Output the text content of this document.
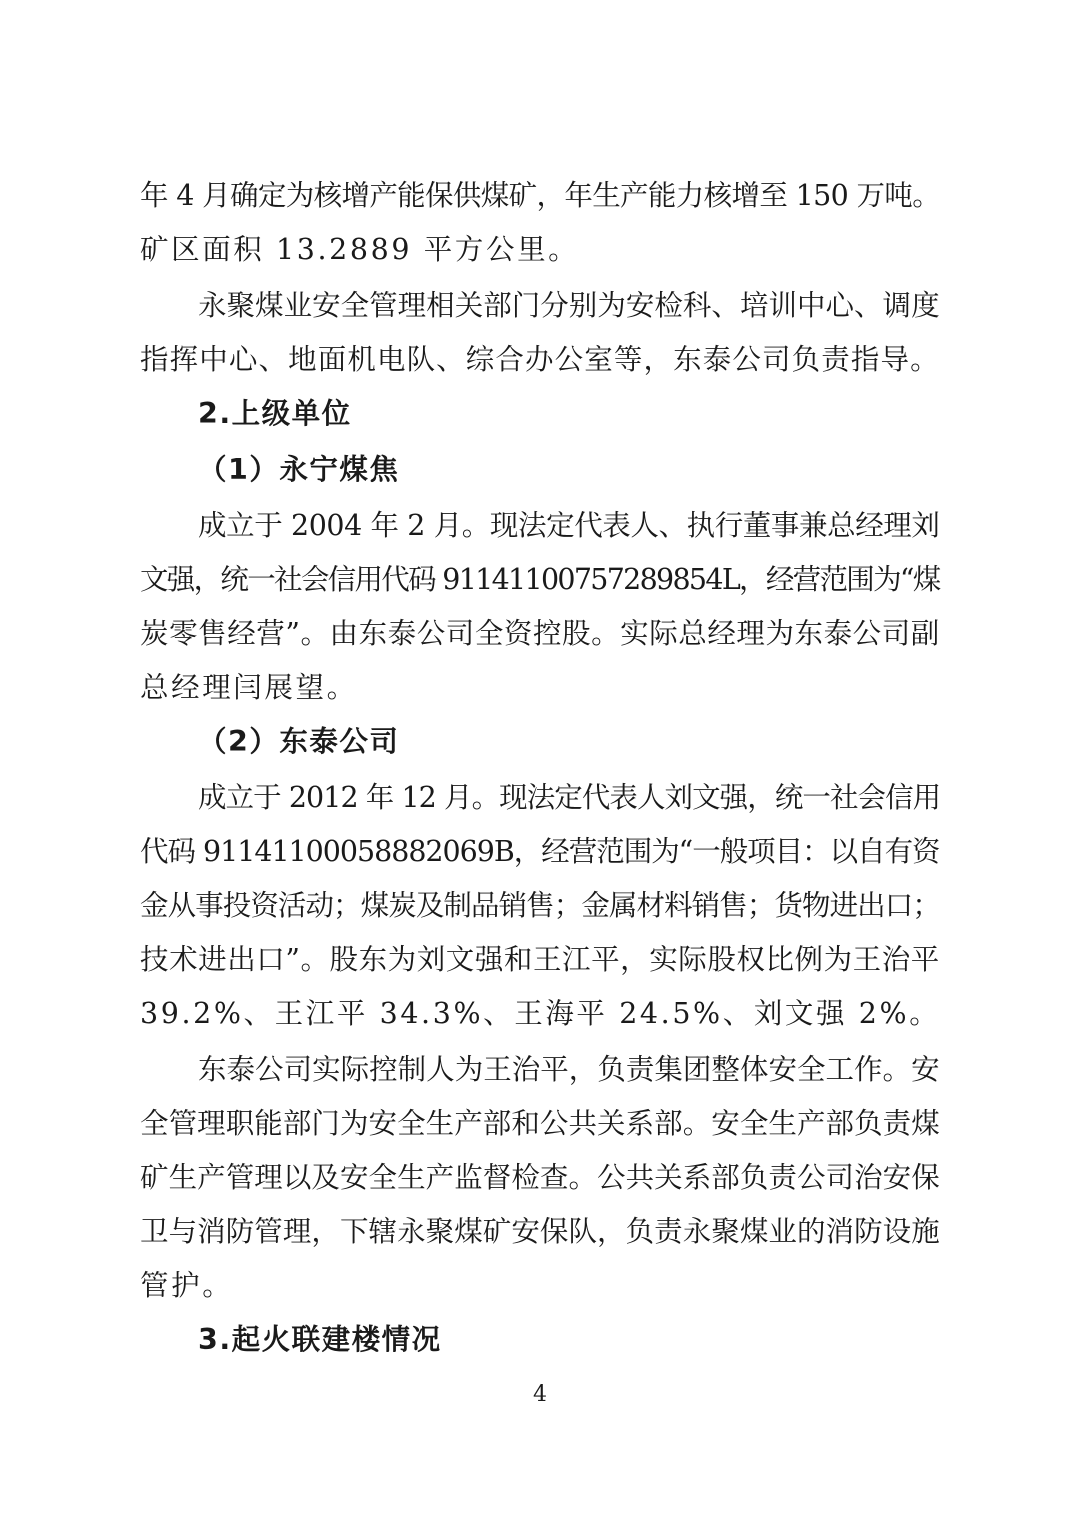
年 4 月确定为核增产能保供煤矿，年生产能力核增至 150 万吨。

矿区面积 13.2889 平方公里。

永聚煤业安全管理相关部门分别为安检科、培训中心、调度

指挥中心、地面机电队、综合办公室等，东泰公司负责指导。

2.上级单位

（1）永宁煤焦

成立于 2004 年 2 月。现法定代表人、执行董事兼总经理刘

文强，统一社会信用代码 91141100757289854L，经营范围为“煤

炭零售经营”。由东泰公司全资控股。实际总经理为东泰公司副

总经理闫展望。

（2）东泰公司

成立于 2012 年 12 月。现法定代表人刘文强，统一社会信用

代码 91141100058882069B，经营范围为“一般项目：以自有资

金从事投资活动；煤炭及制品销售；金属材料销售；货物进出口；

技术进出口”。股东为刘文强和王江平，实际股权比例为王治平

39.2%、王江平 34.3%、王海平 24.5%、刘文强 2%。

东泰公司实际控制人为王治平，负责集团整体安全工作。安

全管理职能部门为安全生产部和公共关系部。安全生产部负责煤

矿生产管理以及安全生产监督检查。公共关系部负责公司治安保

卫与消防管理，下辖永聚煤矿安保队，负责永聚煤业的消防设施

管护。

3.起火联建楼情况

4
